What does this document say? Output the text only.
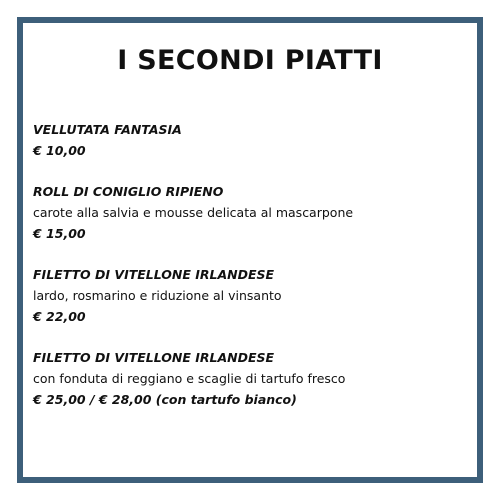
I SECONDI PIATTI
VELLUTATA FANTASIA
€ 10,00
ROLL DI CONIGLIO RIPIENO
carote alla salvia e mousse delicata al mascarpone
€ 15,00
FILETTO DI VITELLONE IRLANDESE
lardo, rosmarino e riduzione al vinsanto
€ 22,00
FILETTO DI VITELLONE IRLANDESE
con fonduta di reggiano e scaglie di tartufo fresco
€ 25,00 / € 28,00 (con tartufo bianco)
